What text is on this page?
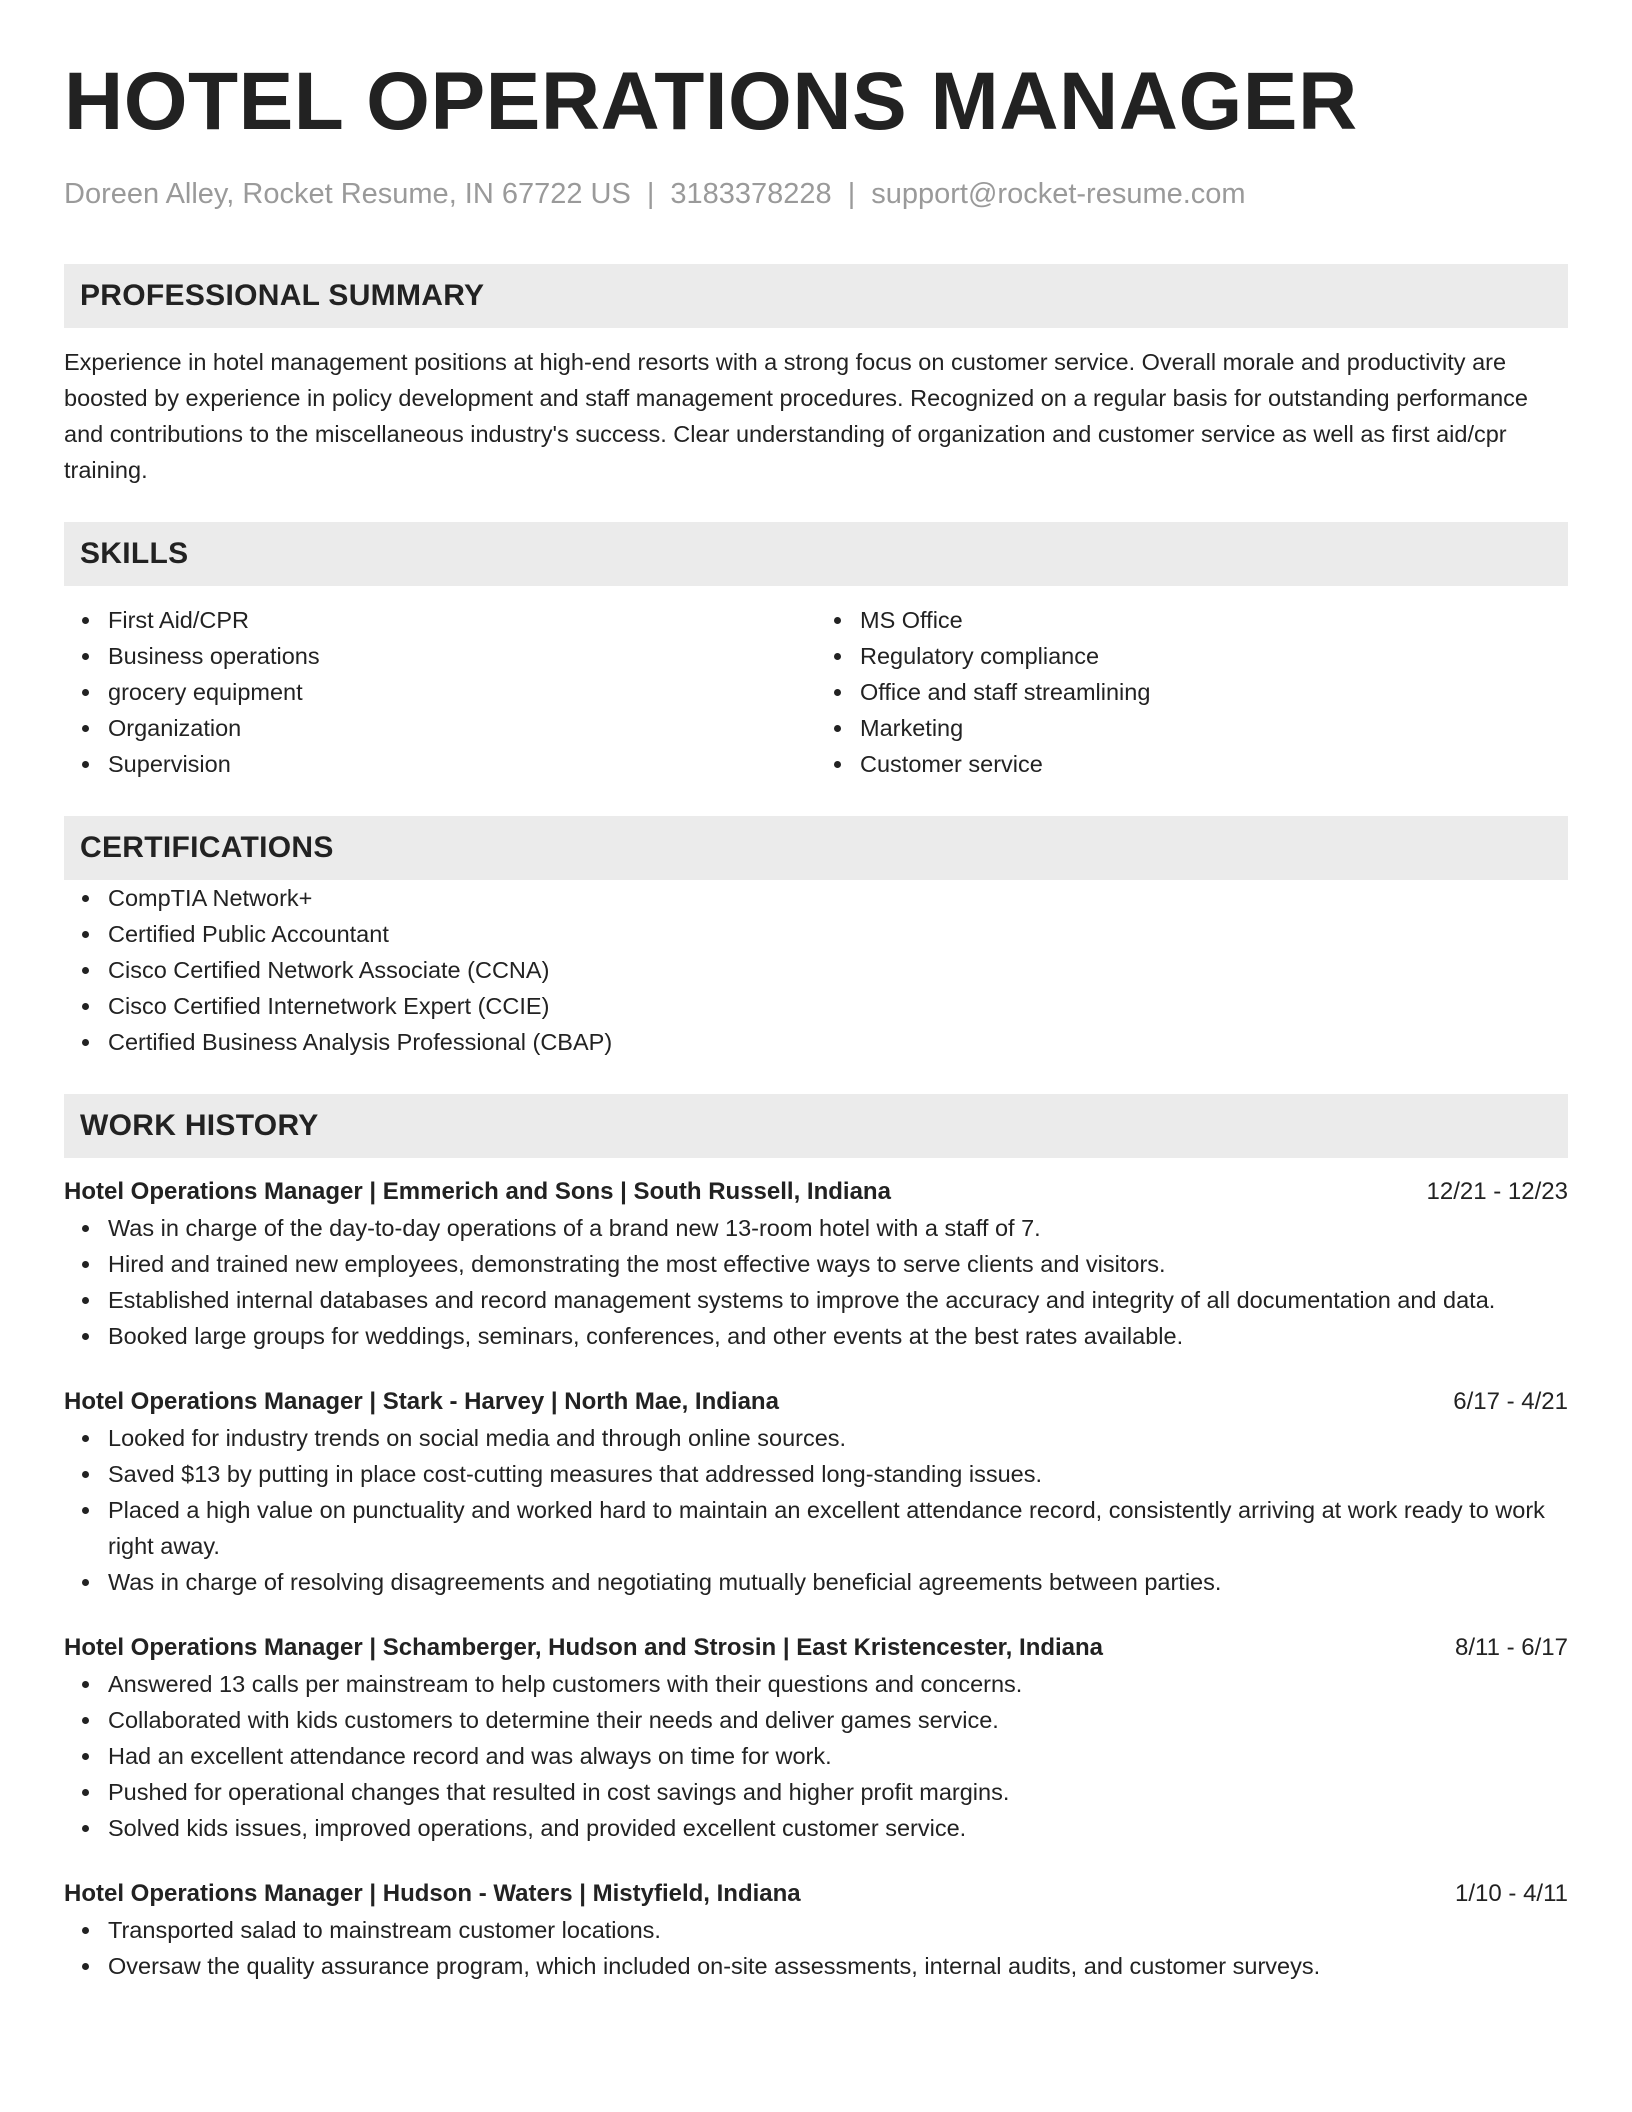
HOTEL OPERATIONS MANAGER
Doreen Alley, Rocket Resume, IN 67722 US | 3183378228 | support@rocket-resume.com
PROFESSIONAL SUMMARY
Experience in hotel management positions at high-end resorts with a strong focus on customer service. Overall morale and productivity are boosted by experience in policy development and staff management procedures. Recognized on a regular basis for outstanding performance and contributions to the miscellaneous industry's success. Clear understanding of organization and customer service as well as first aid/cpr training.
SKILLS
First Aid/CPR
Business operations
grocery equipment
Organization
Supervision
MS Office
Regulatory compliance
Office and staff streamlining
Marketing
Customer service
CERTIFICATIONS
CompTIA Network+
Certified Public Accountant
Cisco Certified Network Associate (CCNA)
Cisco Certified Internetwork Expert (CCIE)
Certified Business Analysis Professional (CBAP)
WORK HISTORY
Hotel Operations Manager | Emmerich and Sons | South Russell, Indiana	12/21 - 12/23
Was in charge of the day-to-day operations of a brand new 13-room hotel with a staff of 7.
Hired and trained new employees, demonstrating the most effective ways to serve clients and visitors.
Established internal databases and record management systems to improve the accuracy and integrity of all documentation and data.
Booked large groups for weddings, seminars, conferences, and other events at the best rates available.
Hotel Operations Manager | Stark - Harvey | North Mae, Indiana	6/17 - 4/21
Looked for industry trends on social media and through online sources.
Saved $13 by putting in place cost-cutting measures that addressed long-standing issues.
Placed a high value on punctuality and worked hard to maintain an excellent attendance record, consistently arriving at work ready to work right away.
Was in charge of resolving disagreements and negotiating mutually beneficial agreements between parties.
Hotel Operations Manager | Schamberger, Hudson and Strosin | East Kristencester, Indiana	8/11 - 6/17
Answered 13 calls per mainstream to help customers with their questions and concerns.
Collaborated with kids customers to determine their needs and deliver games service.
Had an excellent attendance record and was always on time for work.
Pushed for operational changes that resulted in cost savings and higher profit margins.
Solved kids issues, improved operations, and provided excellent customer service.
Hotel Operations Manager | Hudson - Waters | Mistyfield, Indiana	1/10 - 4/11
Transported salad to mainstream customer locations.
Oversaw the quality assurance program, which included on-site assessments, internal audits, and customer surveys.
